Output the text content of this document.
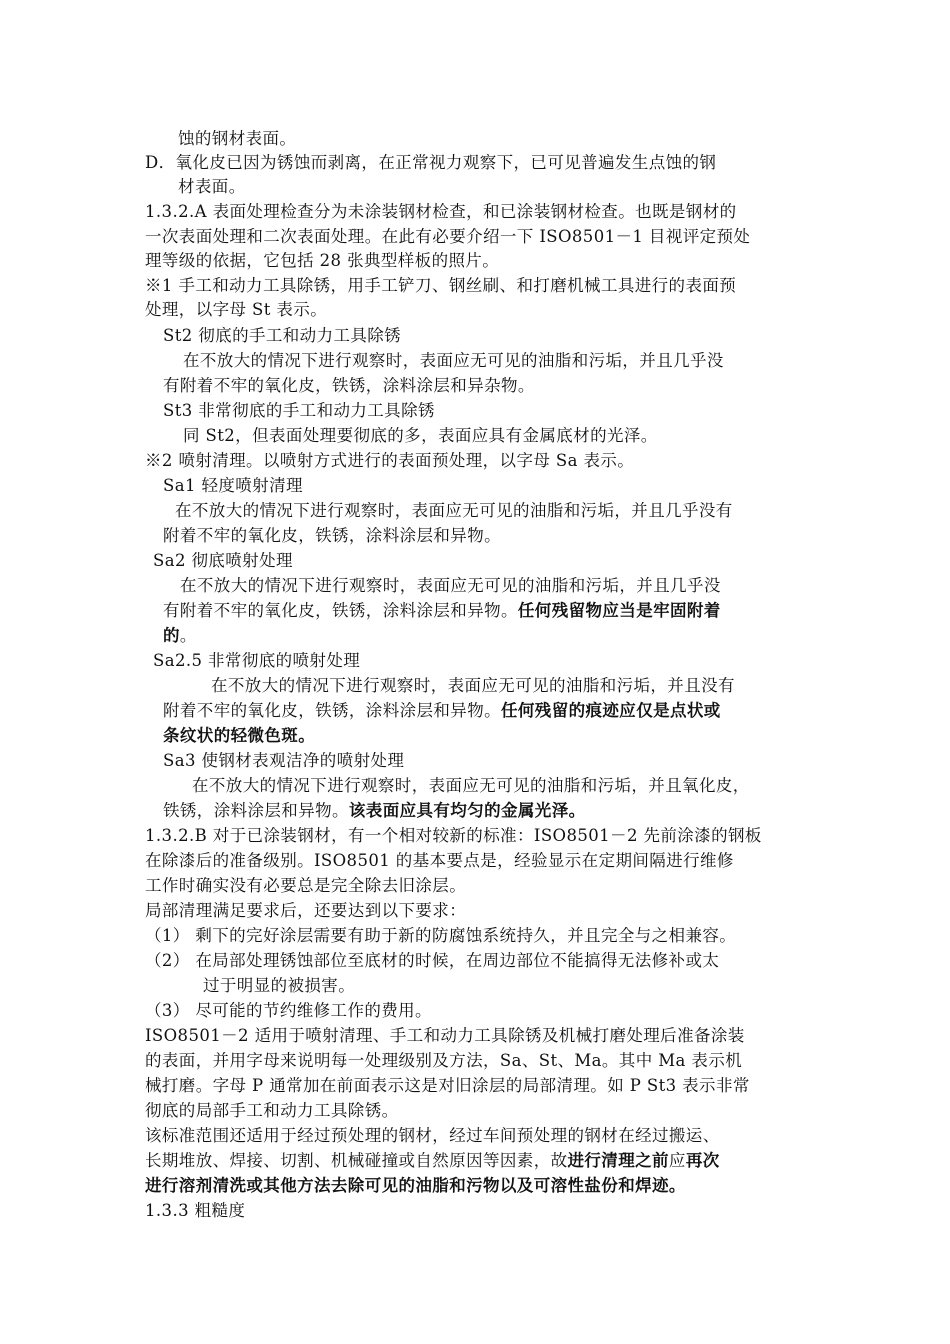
蚀的钢材表面。
D．氧化皮已因为锈蚀而剥离，在正常视力观察下，已可见普遍发生点蚀的钢
材表面。
1.3.2.A 表面处理检查分为未涂装钢材检查，和已涂装钢材检查。也既是钢材的
一次表面处理和二次表面处理。在此有必要介绍一下 ISO8501－1 目视评定预处
理等级的依据，它包括 28 张典型样板的照片。
※1 手工和动力工具除锈，用手工铲刀、钢丝刷、和打磨机械工具进行的表面预
处理，以字母 St 表示。
St2 彻底的手工和动力工具除锈
在不放大的情况下进行观察时，表面应无可见的油脂和污垢，并且几乎没
有附着不牢的氧化皮，铁锈，涂料涂层和异杂物。
St3 非常彻底的手工和动力工具除锈
同 St2，但表面处理要彻底的多，表面应具有金属底材的光泽。
※2 喷射清理。以喷射方式进行的表面预处理，以字母 Sa 表示。
Sa1 轻度喷射清理
在不放大的情况下进行观察时，表面应无可见的油脂和污垢，并且几乎没有
附着不牢的氧化皮，铁锈，涂料涂层和异物。
Sa2 彻底喷射处理
在不放大的情况下进行观察时，表面应无可见的油脂和污垢，并且几乎没
有附着不牢的氧化皮，铁锈，涂料涂层和异物。任何残留物应当是牢固附着
的。
Sa2.5 非常彻底的喷射处理
在不放大的情况下进行观察时，表面应无可见的油脂和污垢，并且没有
附着不牢的氧化皮，铁锈，涂料涂层和异物。任何残留的痕迹应仅是点状或
条纹状的轻微色斑。
Sa3 使钢材表观洁净的喷射处理
在不放大的情况下进行观察时，表面应无可见的油脂和污垢，并且氧化皮，
铁锈，涂料涂层和异物。该表面应具有均匀的金属光泽。
1.3.2.B 对于已涂装钢材，有一个相对较新的标准：ISO8501－2 先前涂漆的钢板
在除漆后的准备级别。ISO8501 的基本要点是，经验显示在定期间隔进行维修
工作时确实没有必要总是完全除去旧涂层。
局部清理满足要求后，还要达到以下要求：
（1） 剩下的完好涂层需要有助于新的防腐蚀系统持久，并且完全与之相兼容。
（2） 在局部处理锈蚀部位至底材的时候，在周边部位不能搞得无法修补或太
过于明显的被损害。
（3） 尽可能的节约维修工作的费用。
ISO8501－2 适用于喷射清理、手工和动力工具除锈及机械打磨处理后准备涂装
的表面，并用字母来说明每一处理级别及方法，Sa、St、Ma。其中 Ma 表示机
械打磨。字母 P 通常加在前面表示这是对旧涂层的局部清理。如 P St3 表示非常
彻底的局部手工和动力工具除锈。
该标准范围还适用于经过预处理的钢材，经过车间预处理的钢材在经过搬运、
长期堆放、焊接、切割、机械碰撞或自然原因等因素，故进行清理之前应再次
进行溶剂清洗或其他方法去除可见的油脂和污物以及可溶性盐份和焊迹。
1.3.3 粗糙度
